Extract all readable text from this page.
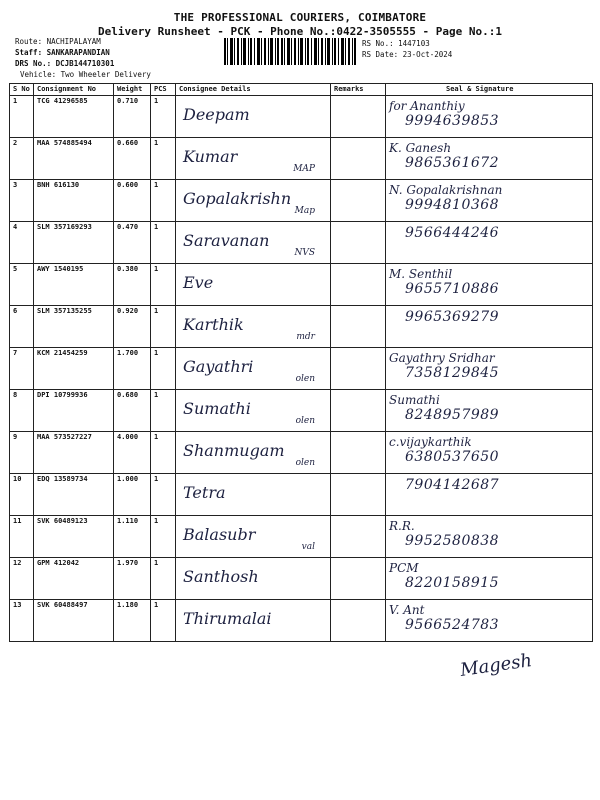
THE PROFESSIONAL COURIERS, COIMBATORE
Delivery Runsheet - PCK - Phone No.:0422-3505555 - Page No.:1
Route: NACHIPALAYAM
Staff: SANKARAPANDIAN
DRS No.: DCJB144710301
Vehicle: Two Wheeler Delivery
RS No.: 1447103
RS Date: 23-Oct-2024
S No	Consignment No	Weight	PCS	Consignee Details	Remarks	Seal & Signature
1	TCG 41296585	0.710	1	Deepam		for Ananthiy
9994639853

2	MAA 574885494	0.660	1	Kumar
MAP		K. Ganesh
9865361672

3	BNH 616130	0.600	1	Gopalakrishn
Map		N. Gopalakrishnan
9994810368

4	SLM 357169293	0.470	1	Saravanan
NVS		9566444246

5	AWY 1540195	0.380	1	Eve		M. Senthil
9655710886

6	SLM 357135255	0.920	1	Karthik
mdr		9965369279

7	KCM 21454259	1.700	1	Gayathri
olen		Gayathry Sridhar
7358129845

8	DPI 10799936	0.680	1	Sumathi
olen		Sumathi
8248957989

9	MAA 573527227	4.000	1	Shanmugam
olen		c.vijaykarthik
6380537650

10	EDQ 13589734	1.000	1	Tetra		7904142687

11	SVK 60489123	1.110	1	Balasubr
val		R.R.
9952580838

12	GPM 412042	1.970	1	Santhosh		PCM
8220158915

13	SVK 60488497	1.180	1	Thirumalai		V. Ant
9566524783
Magesh
